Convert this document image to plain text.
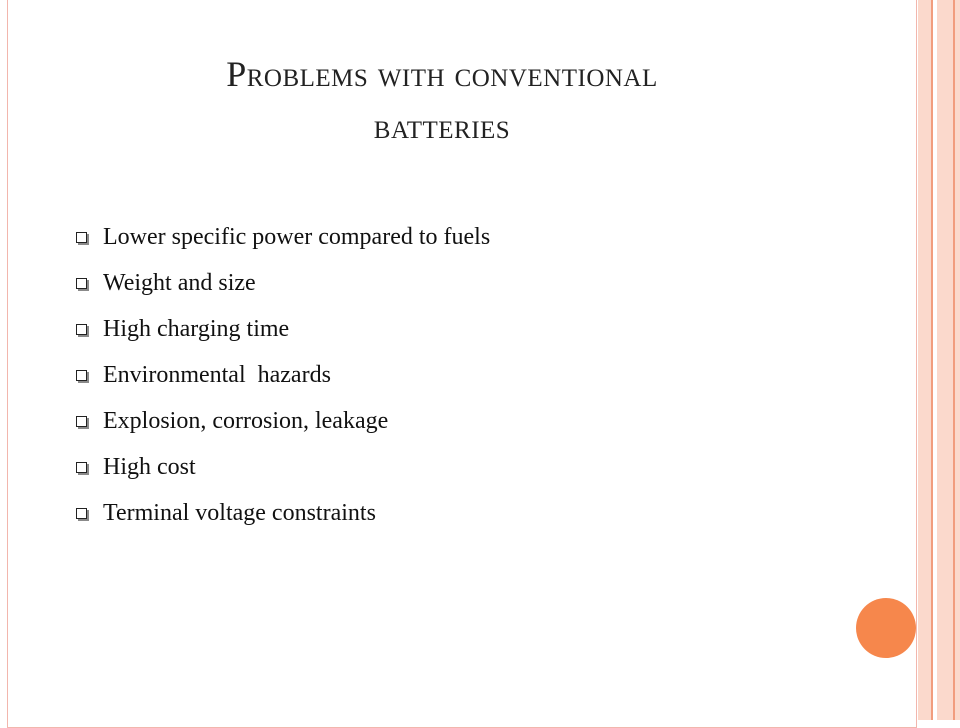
Problems with conventional
batteries
Lower specific power compared to fuels
Weight and size
High charging time
Environmental  hazards
Explosion, corrosion, leakage
High cost
Terminal voltage constraints
